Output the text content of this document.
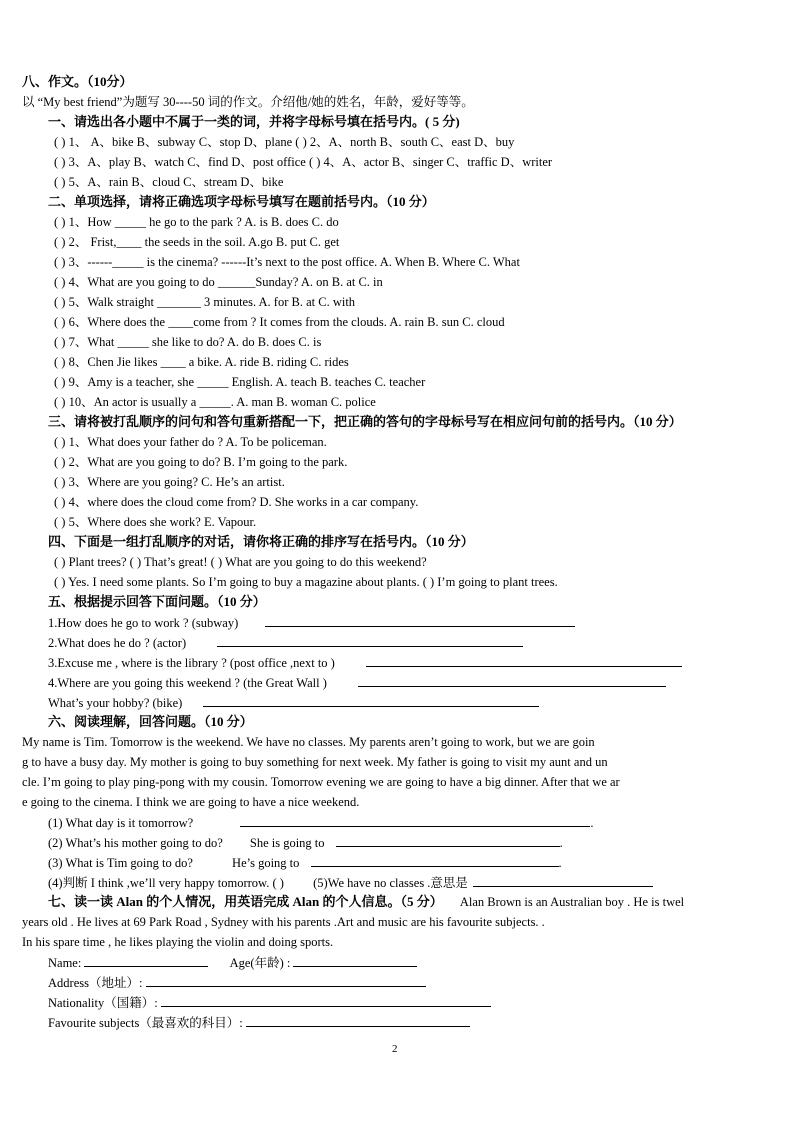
八、作文。（10分）
以 “My best friend”为题写 30----50 词的作文。介绍他/她的姓名，年龄，爱好等等。
一、请选出各小题中不属于一类的词，并将字母标号填在括号内。( 5 分)
( ) 1、 A、bike B、subway C、stop D、plane ( ) 2、A、north B、south C、east D、buy
( ) 3、A、play B、watch C、find D、post office ( ) 4、A、actor B、singer C、traffic D、writer
( ) 5、A、rain B、cloud C、stream D、bike
二、单项选择，请将正确选项字母标号填写在题前括号内。（10 分）
( ) 1、How _____ he go to the park ? A. is B. does C. do
( ) 2、 Frist,____ the seeds in the soil. A.go B. put C. get
( ) 3、------_____ is the cinema? ------It’s next to the post office. A. When B. Where C. What
( ) 4、What are you going to do ______Sunday? A. on B. at C. in
( ) 5、Walk straight _______ 3 minutes. A. for B. at C. with
( ) 6、Where does the ____come from ? It comes from the clouds. A. rain B. sun C. cloud
( ) 7、What _____ she like to do? A. do B. does C. is
( ) 8、Chen Jie likes ____ a bike. A. ride B. riding C. rides
( ) 9、Amy is a teacher, she _____ English. A. teach B. teaches C. teacher
( ) 10、An actor is usually a _____. A. man B. woman C. police
三、请将被打乱顺序的问句和答句重新搭配一下，把正确的答句的字母标号写在相应问句前的括号内。（10 分）
( ) 1、What does your father do ? A. To be policeman.
( ) 2、What are you going to do? B. I’m going to the park.
( ) 3、Where are you going? C. He’s an artist.
( ) 4、where does the cloud come from? D. She works in a car company.
( ) 5、Where does she work? E. Vapour.
四、下面是一组打乱顺序的对话，请你将正确的排序写在括号内。（10 分）
( ) Plant trees? ( ) That’s great! ( ) What are you going to do this weekend?
( ) Yes. I need some plants. So I’m going to buy a magazine about plants. ( ) I’m going to plant trees.
五、根据提示回答下面问题。（10 分）
1.How does he go to work ? (subway)
2.What does he do ? (actor)
3.Excuse me , where is the library ? (post office ,next to )
4.Where are you going this weekend ? (the Great Wall )
What’s your hobby? (bike)
六、阅读理解，回答问题。（10 分）
My name is Tim. Tomorrow is the weekend. We have no classes. My parents aren’t going to work, but we are goin
g to have a busy day. My mother is going to buy something for next week. My father is going to visit my aunt and un
cle. I’m going to play ping-pong with my cousin. Tomorrow evening we are going to have a big dinner. After that we ar
e going to the cinema. I think we are going to have a nice weekend.
(1) What day is it tomorrow?	.
(2) What’s his mother going to do? She is going to	.
(3) What is Tim going to do?	He’s going to	.
(4)判断 I think ,we’ll very happy tomorrow. ( ) (5)We have no classes .意思是
七、读一读 Alan 的个人情况，用英语完成 Alan 的个人信息。（5 分） Alan Brown is an Australian boy . He is twel
years old . He lives at 69 Park Road , Sydney with his parents .Art and music are his favourite subjects. .
In his spare time , he likes playing the violin and doing sports.
Name:	Age(年龄) :
Address（地址）:
Nationality（国籍）:
Favourite subjects（最喜欢的科目）:
2
